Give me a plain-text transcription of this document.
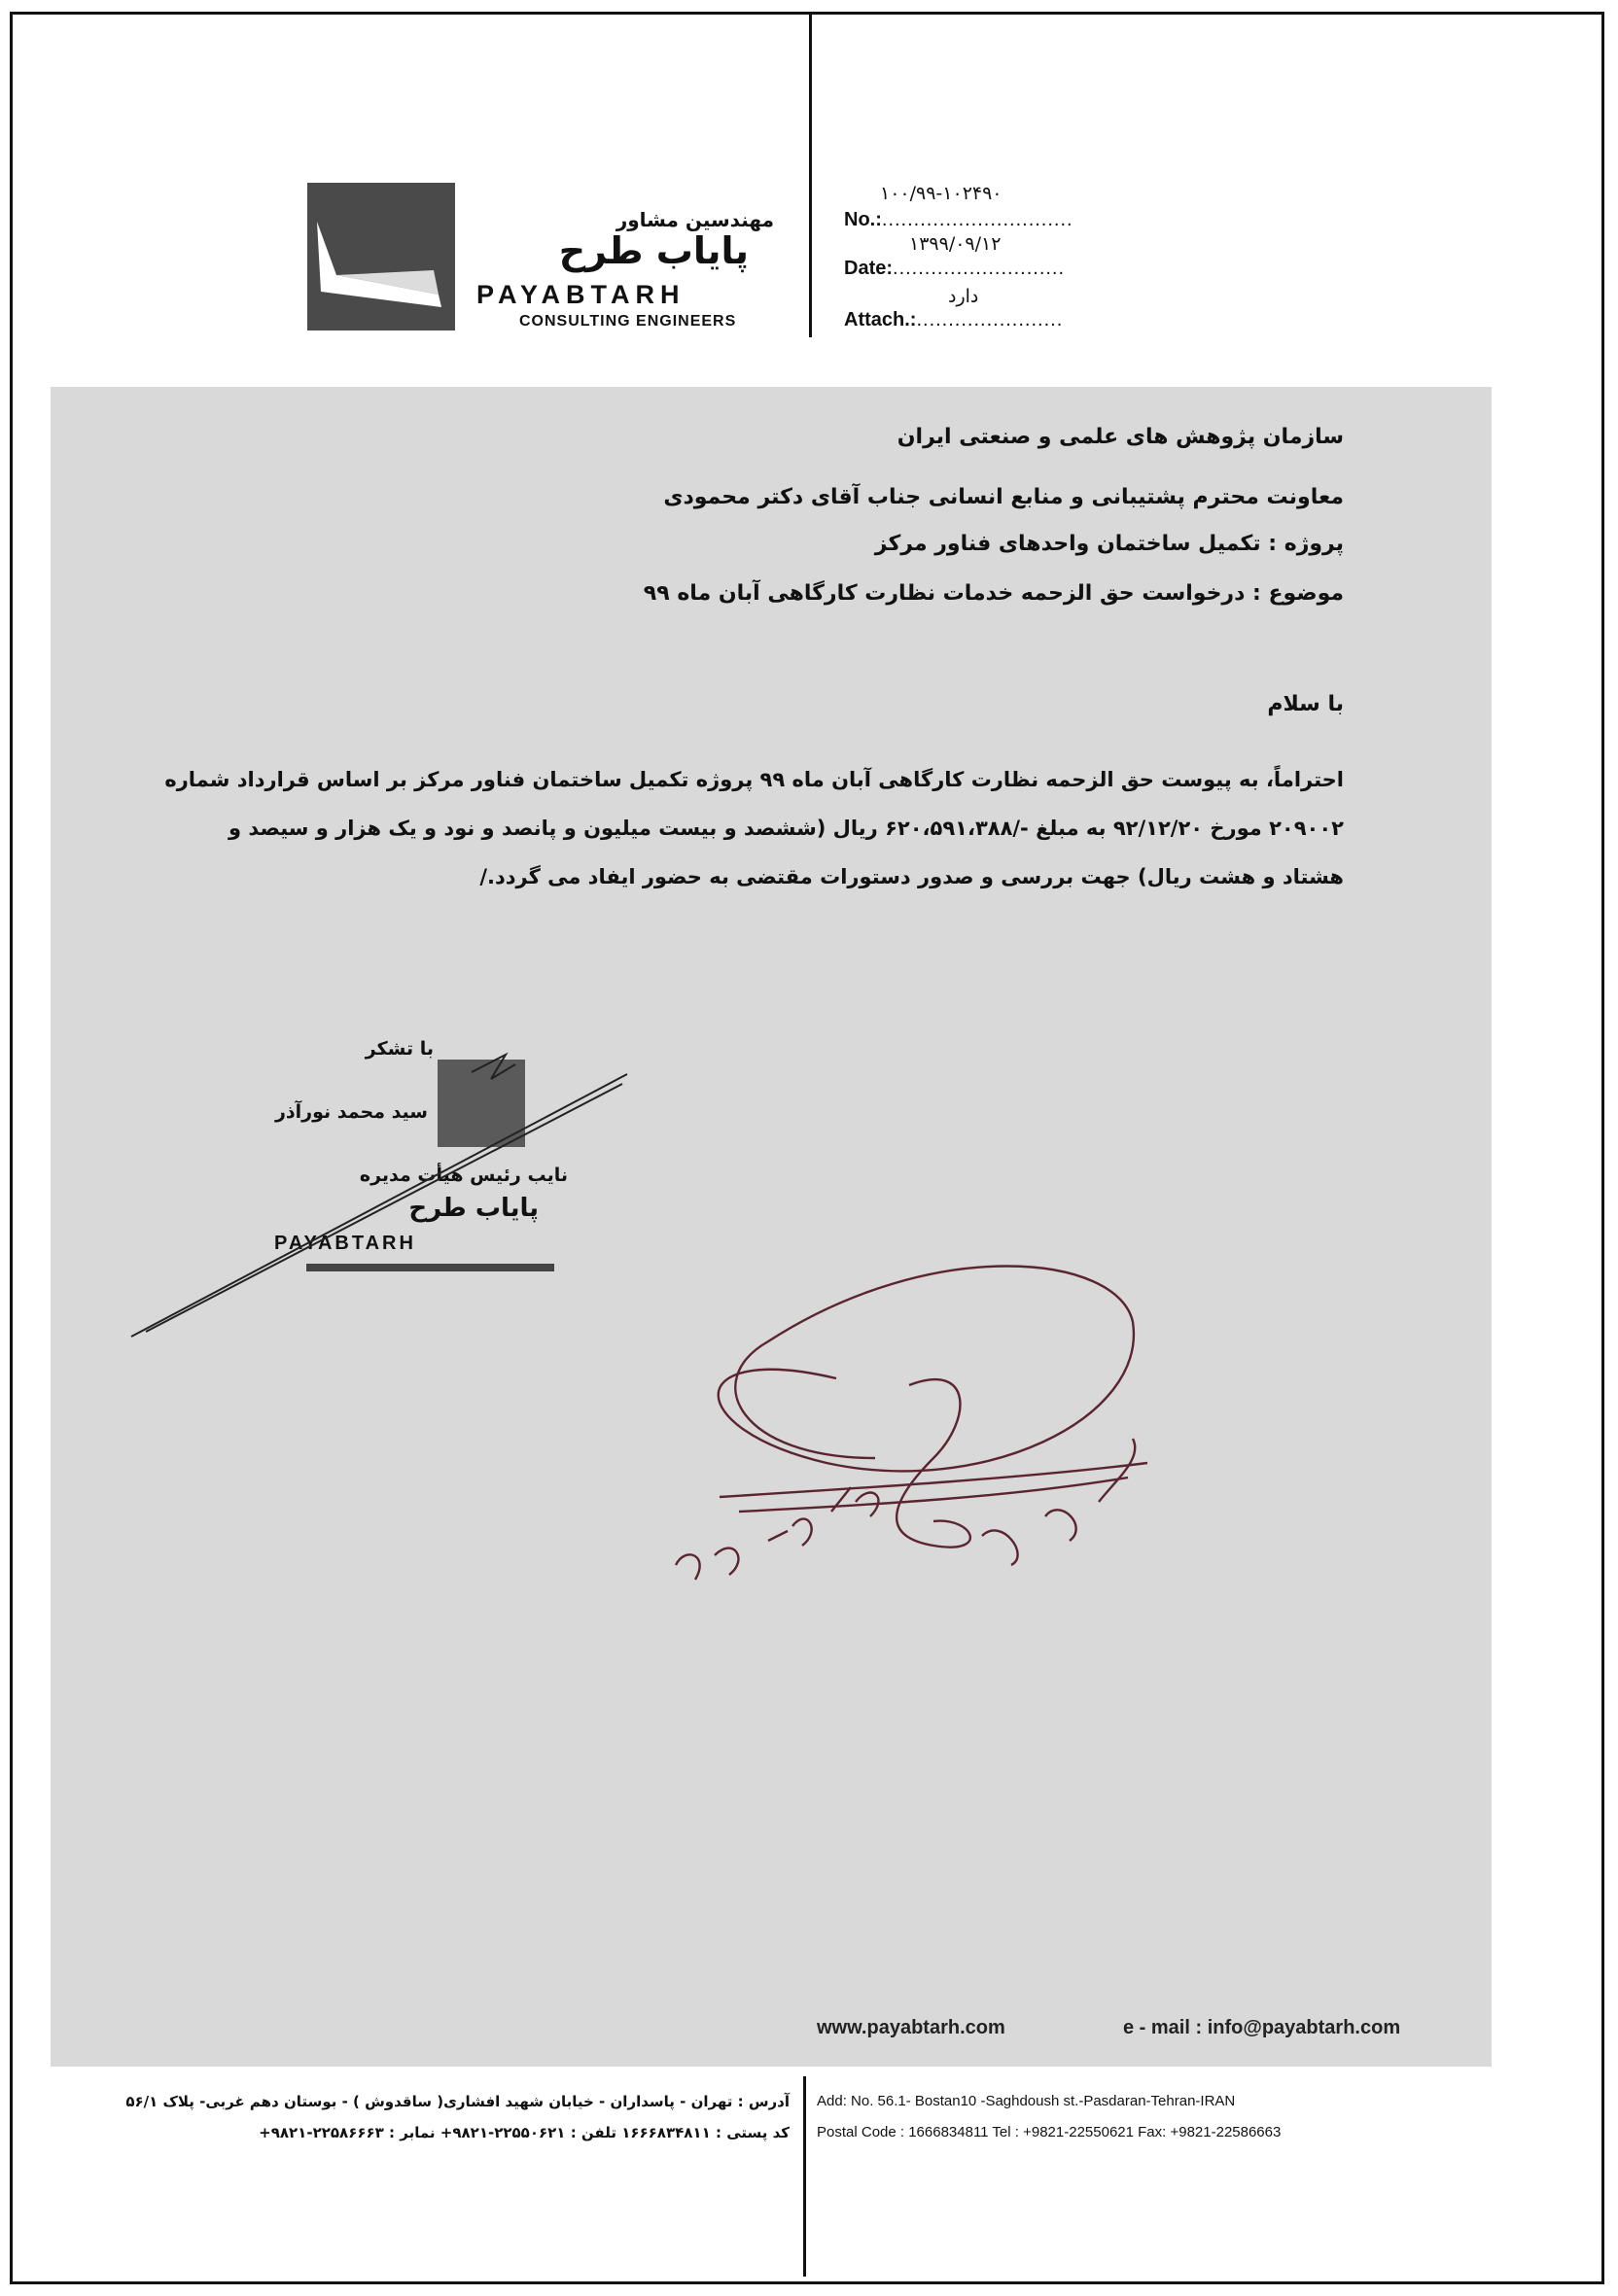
مهندسین مشاور
پایاب طرح
PAYABTARH
CONSULTING ENGINEERS
No.:..............................
۱۰۰/۹۹-۱۰۲۴۹۰
Date:...........................
۱۳۹۹/۰۹/۱۲
Attach.:.......................
دارد
سازمان پژوهش های علمی و صنعتی ایران
معاونت محترم پشتیبانی و منابع انسانی جناب آقای دکتر محمودی
پروژه : تکمیل ساختمان واحدهای فناور مرکز
موضوع : درخواست حق الزحمه خدمات نظارت کارگاهی آبان ماه ۹۹
با سلام
احتراماً، به پیوست حق الزحمه نظارت کارگاهی آبان ماه ۹۹ پروژه تکمیل ساختمان فناور مرکز بر اساس قرارداد شماره
۲۰۹۰۰۲ مورخ ۹۲/۱۲/۲۰ به مبلغ -/۶۲۰،۵۹۱،۳۸۸ ریال (ششصد و بیست میلیون و پانصد و نود و یک هزار و سیصد و
هشتاد و هشت ریال) جهت بررسی و صدور دستورات مقتضی به حضور ایفاد می گردد./
با تشکر
سید محمد نورآذر
نایب رئیس هیأت مدیره
پایاب طرح
PAYABTARH
www.payabtarh.com	e - mail : info@payabtarh.com
آدرس : تهران - پاسداران - خیابان شهید افشاری( ساقدوش ) - بوستان دهم غربی- پلاک ۵۶/۱
کد پستی : ۱۶۶۶۸۳۴۸۱۱ تلفن : ۲۲۵۵۰۶۲۱-۹۸۲۱+ نمابر : ۲۲۵۸۶۶۶۳-۹۸۲۱+
Add: No. 56.1- Bostan10 -Saghdoush st.-Pasdaran-Tehran-IRAN
Postal Code : 1666834811 Tel : +9821-22550621 Fax: +9821-22586663
